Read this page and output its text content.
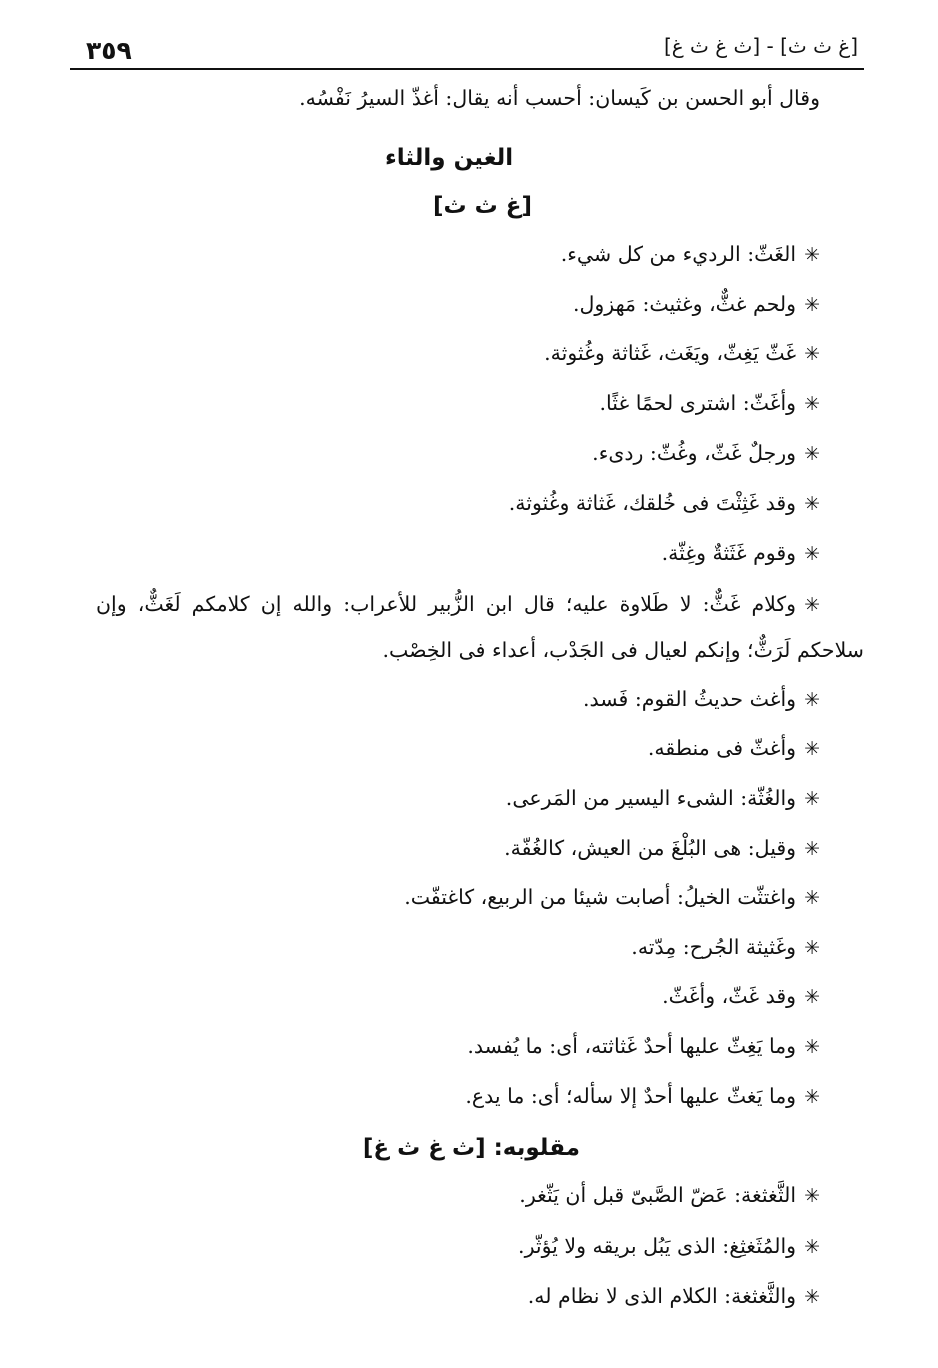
٣٥٩	[غ ث ث] - [ث غ ث غ]
وقال أبو الحسن بن كَيسان: أحسب أنه يقال: أغذّ السيرُ نَفْسُه.
الغين والثاء
[غ ث ث]
✳ الغَثّ: الرديء من كل شيء.
✳ ولحم غثٌّ، وغثيث: مَهزول.
✳ غَثّ يَغِثّ، ويَغَث، غَثاثة وغُثوثة.
✳ وأغَثّ: اشترى لحمًا غثًا.
✳ ورجلٌ غَثّ، وغُثّ: ردىء.
✳ وقد غَثِثْتَ فى خُلقك، غَثاثة وغُثوثة.
✳ وقوم غَثَثةٌ وغِثّة.
✳ وكلام غَثٌّ: لا طَلاوة عليه؛ قال ابن الزُّبير للأعراب: والله إن كلامكم لَغَثٌّ، وإن
سلاحكم لَرَثٌّ؛ وإنكم لعيال فى الجَدْب، أعداء فى الخِصْب.
✳ وأغث حديثُ القوم: فَسد.
✳ وأغثّ فى منطقه.
✳ والغُثّة: الشىء اليسير من المَرعى.
✳ وقيل: هى البُلْغَ من العيش، كالغُفّة.
✳ واغتثّت الخيلُ: أصابت شيئا من الربيع، كاغتفّت.
✳ وغَثيثة الجُرح: مِدّته.
✳ وقد غَثّ، وأغَثّ.
✳ وما يَغِثّ عليها أحدٌ غَثاثته، أى: ما يُفسد.
✳ وما يَغثّ عليها أحدٌ إلا سأله؛ أى: ما يدع.
مقلوبه: [ث غ ث غ]
✳ الثَّغثغة: عَضّ الصَّبىّ قبل أن يَثّغر.
✳ والمُثَغثِغ: الذى يَبُل بريقه ولا يُؤثّر.
✳ والثَّغثغة: الكلام الذى لا نظام له.
